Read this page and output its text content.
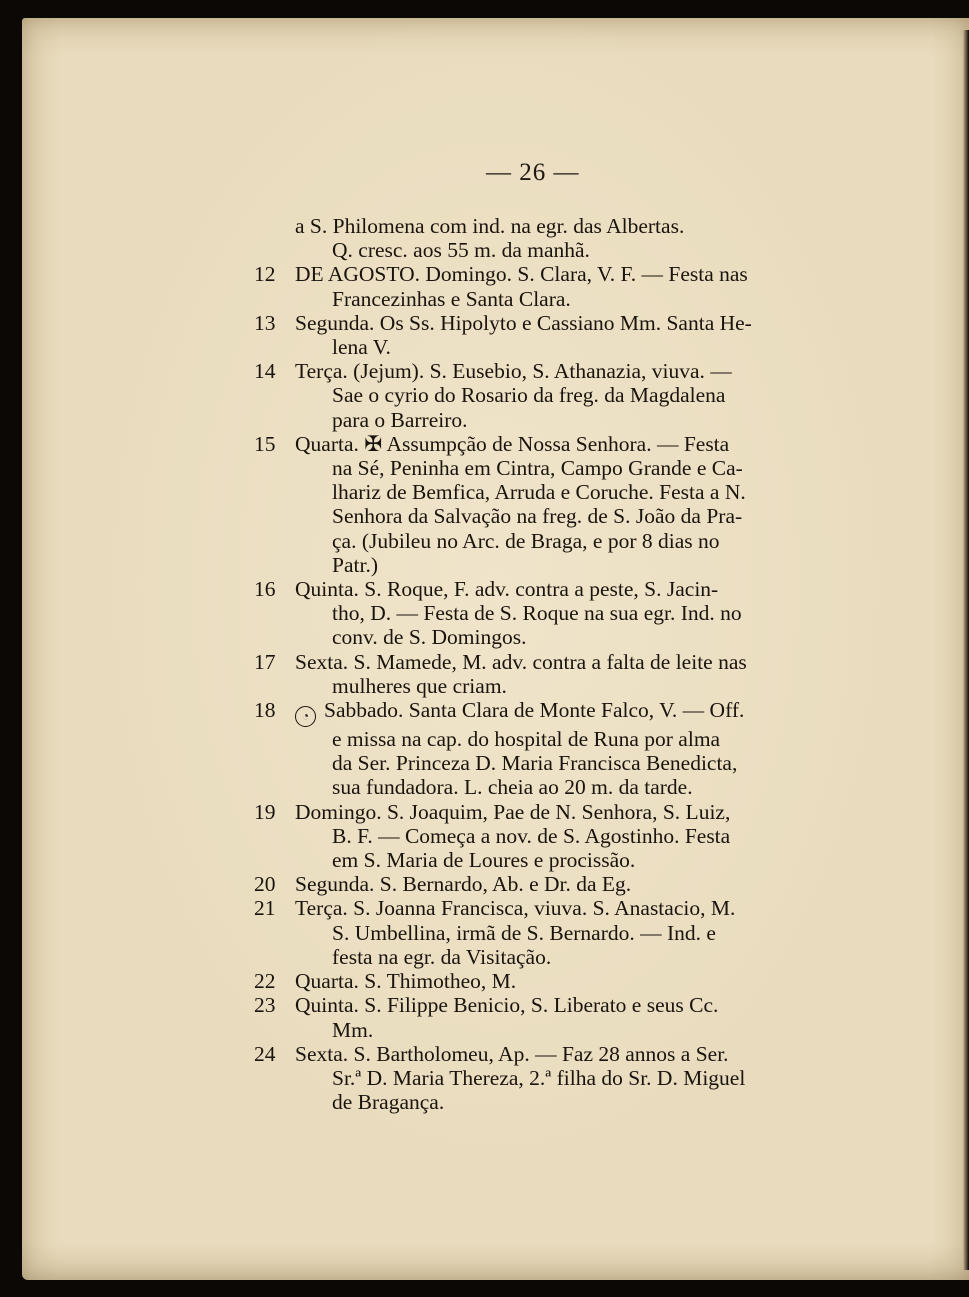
— 26 —
a S. Philomena com ind. na egr. das Albertas.
Q. cresc. aos 55 m. da manhã.
12 DE AGOSTO. Domingo. S. Clara, V. F. — Festa nas
Francezinhas e Santa Clara.
13 Segunda. Os Ss. Hipolyto e Cassiano Mm. Santa He-
lena V.
14 Terça. (Jejum). S. Eusebio, S. Athanazia, viuva. —
Sae o cyrio do Rosario da freg. da Magdalena
para o Barreiro.
15 Quarta. ✠ Assumpção de Nossa Senhora. — Festa
na Sé, Peninha em Cintra, Campo Grande e Ca-
lhariz de Bemfica, Arruda e Coruche. Festa a N.
Senhora da Salvação na freg. de S. João da Pra-
ça. (Jubileu no Arc. de Braga, e por 8 dias no
Patr.)
16 Quinta. S. Roque, F. adv. contra a peste, S. Jacin-
tho, D. — Festa de S. Roque na sua egr. Ind. no
conv. de S. Domingos.
17 Sexta. S. Mamede, M. adv. contra a falta de leite nas
mulheres que criam.
18	◔ Sabbado. Santa Clara de Monte Falco, V. — Off.
e missa na cap. do hospital de Runa por alma
da Ser. Princeza D. Maria Francisca Benedicta,
sua fundadora. L. cheia ao 20 m. da tarde.
19 Domingo. S. Joaquim, Pae de N. Senhora, S. Luiz,
B. F. — Começa a nov. de S. Agostinho. Festa
em S. Maria de Loures e procissão.
20 Segunda. S. Bernardo, Ab. e Dr. da Eg.
21 Terça. S. Joanna Francisca, viuva. S. Anastacio, M.
S. Umbellina, irmã de S. Bernardo. — Ind. e
festa na egr. da Visitação.
22 Quarta. S. Thimotheo, M.
23 Quinta. S. Filippe Benicio, S. Liberato e seus Cc.
Mm.
24 Sexta. S. Bartholomeu, Ap. — Faz 28 annos a Ser.
Sr.ª D. Maria Thereza, 2.ª filha do Sr. D. Miguel
de Bragança.
